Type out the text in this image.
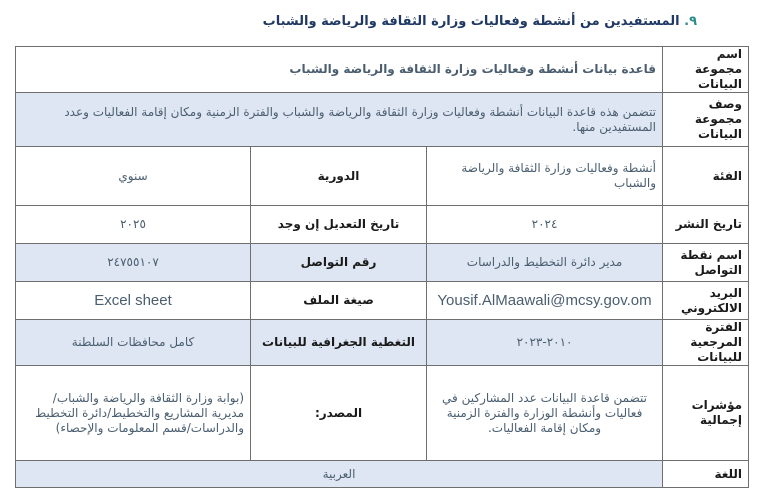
٩. المستفيدين من أنشطة وفعاليات وزارة الثقافة والرياضة والشباب
اسم مجموعة البيانات	قاعدة بيانات أنشطة وفعاليات وزارة الثقافة والرياضة والشباب		
وصف مجموعة البيانات	تتضمن هذه قاعدة البيانات أنشطة وفعاليات وزارة الثقافة والرياضة والشباب والفترة الزمنية ومكان إقامة الفعاليات وعدد المستفيدين منها.		
الفئة	أنشطة وفعاليات وزارة الثقافة والرياضة والشباب	الدورية	سنوي
تاريخ النشر	٢٠٢٤	تاريخ التعديل إن وجد	٢٠٢٥
اسم نقطة التواصل	مدير دائرة التخطيط والدراسات	رقم التواصل	٢٤٧٥٥١٠٧
البريد الالكتروني	Yousif.AlMaawali@mcsy.gov.om	صيغة الملف	Excel sheet
الفترة المرجعية للبيانات	٢٠١٠-٢٠٢٣	التغطية الجغرافية للبيانات	كامل محافظات السلطنة
مؤشرات إجمالية	تتضمن قاعدة البيانات عدد المشاركين في فعاليات وأنشطة الوزارة والفترة الزمنية ومكان إقامة الفعاليات.	المصدر:	(بوابة وزارة الثقافة والرياضة والشباب/مديرية المشاريع والتخطيط/دائرة التخطيط والدراسات/قسم المعلومات والإحصاء)
اللغة	العربية		
